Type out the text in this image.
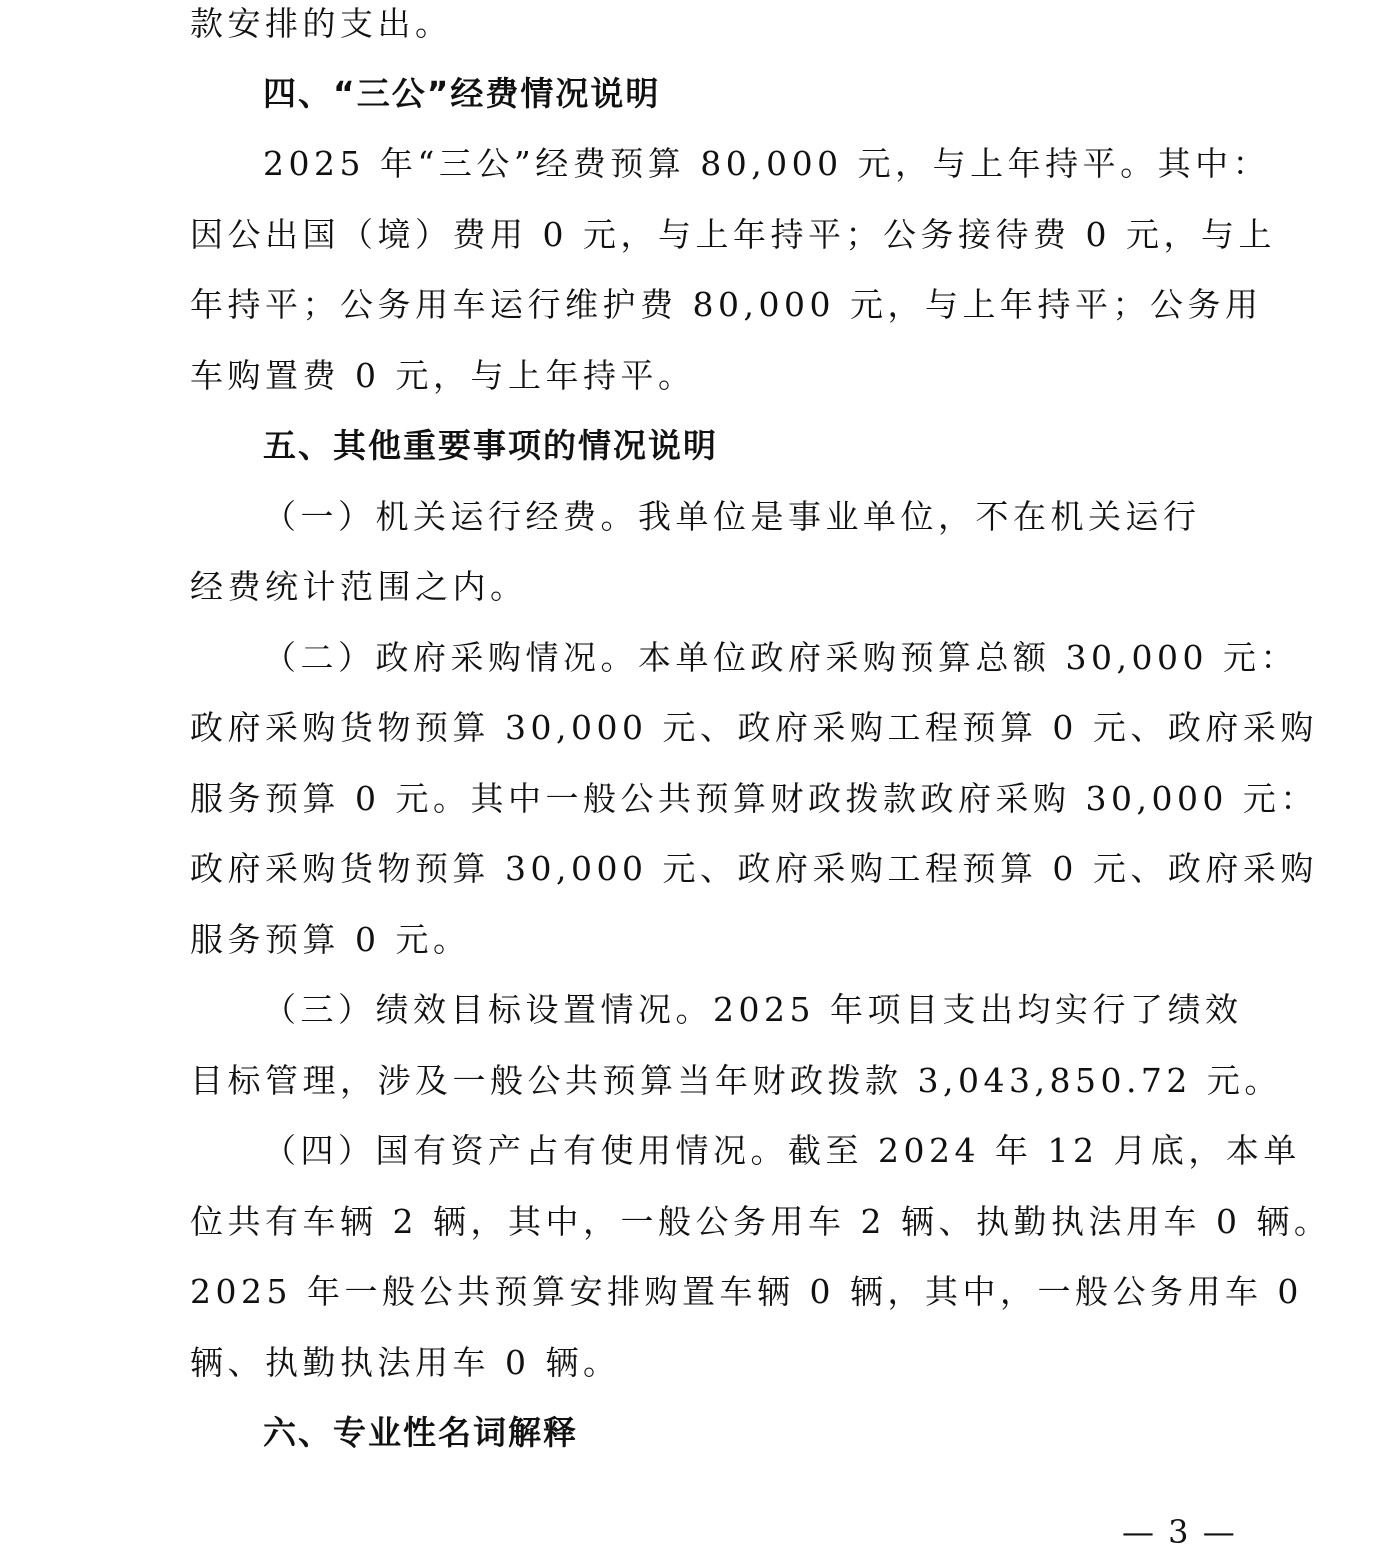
款安排的支出。
四、“三公”经费情况说明
2025 年“三公”经费预算 80,000 元，与上年持平。其中：
因公出国（境）费用 0 元，与上年持平；公务接待费 0 元，与上
年持平；公务用车运行维护费 80,000 元，与上年持平；公务用
车购置费 0 元，与上年持平。
五、其他重要事项的情况说明
（一）机关运行经费。我单位是事业单位，不在机关运行
经费统计范围之内。
（二）政府采购情况。本单位政府采购预算总额 30,000 元：
政府采购货物预算 30,000 元、政府采购工程预算 0 元、政府采购
服务预算 0 元。其中一般公共预算财政拨款政府采购 30,000 元：
政府采购货物预算 30,000 元、政府采购工程预算 0 元、政府采购
服务预算 0 元。
（三）绩效目标设置情况。2025 年项目支出均实行了绩效
目标管理，涉及一般公共预算当年财政拨款 3,043,850.72 元。
（四）国有资产占有使用情况。截至 2024 年 12 月底，本单
位共有车辆 2 辆，其中，一般公务用车 2 辆、执勤执法用车 0 辆。
2025 年一般公共预算安排购置车辆 0 辆，其中，一般公务用车 0
辆、执勤执法用车 0 辆。
六、专业性名词解释
— 3 —
